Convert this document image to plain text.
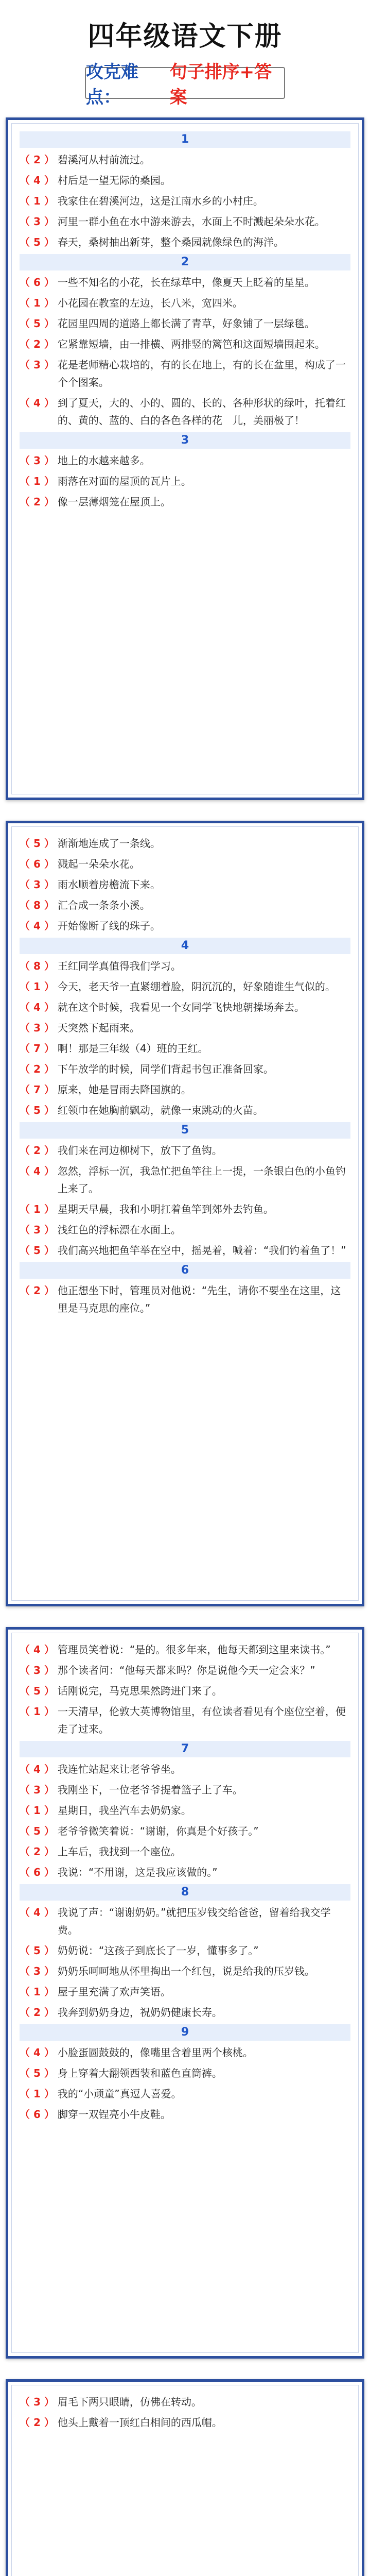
四年级语文下册
攻克难点：
句子排序+答案
1
（ 2 ） 碧溪河从村前流过。
（ 4 ） 村后是一望无际的桑园。
（ 1 ） 我家住在碧溪河边，这是江南水乡的小村庄。
（ 3 ） 河里一群小鱼在水中游来游去，水面上不时溅起朵朵水花。
（ 5 ） 春天，桑树抽出新芽，整个桑园就像绿色的海洋。
2
（ 6 ） 一些不知名的小花，长在绿草中，像夏天上眨着的星星。
（ 1 ） 小花园在教室的左边，长八米，宽四米。
（ 5 ） 花园里四周的道路上都长满了青草，好象铺了一层绿毯。
（ 2 ） 它紧靠短墙，由一排横、两排竖的篱笆和这面短墙围起来。
（ 3 ） 花是老师精心栽培的，有的长在地上，有的长在盆里，构成了一个个图案。
（ 4 ） 到了夏天，大的、小的、圆的、长的、各种形状的绿叶，托着红的、黄的、蓝的、白的各色各样的花　儿，美丽极了！
3
（ 3 ） 地上的水越来越多。
（ 1 ） 雨落在对面的屋顶的瓦片上。
（ 2 ） 像一层薄烟笼在屋顶上。
（ 5 ） 渐渐地连成了一条线。
（ 6 ） 溅起一朵朵水花。
（ 3 ） 雨水顺着房檐流下来。
（ 8 ） 汇合成一条条小溪。
（ 4 ） 开始像断了线的珠子。
4
（ 8 ） 王红同学真值得我们学习。
（ 1 ） 今天，老天爷一直紧绷着脸，阴沉沉的，好象随谁生气似的。
（ 4 ） 就在这个时候，我看见一个女同学飞快地朝操场奔去。
（ 3 ） 天突然下起雨来。
（ 7 ） 啊！那是三年级（4）班的王红。
（ 2 ） 下午放学的时候，同学们背起书包正准备回家。
（ 7 ） 原来，她是冒雨去降国旗的。
（ 5 ） 红领巾在她胸前飘动，就像一束跳动的火苗。
5
（ 2 ） 我们来在河边柳树下，放下了鱼钩。
（ 4 ） 忽然，浮标一沉，我急忙把鱼竿往上一提，一条银白色的小鱼钓上来了。
（ 1 ） 星期天早晨，我和小明扛着鱼竿到郊外去钓鱼。
（ 3 ） 浅红色的浮标漂在水面上。
（ 5 ） 我们高兴地把鱼竿举在空中，摇晃着，喊着：“我们钓着鱼了！”
6
（ 2 ） 他正想坐下时，管理员对他说：“先生，请你不要坐在这里，这里是马克思的座位。”
（ 4 ） 管理员笑着说：“是的。很多年来，他每天都到这里来读书。”
（ 3 ） 那个读者问：“他每天都来吗？你是说他今天一定会来？”
（ 5 ） 话刚说完，马克思果然跨进门来了。
（ 1 ） 一天清早，伦敦大英博物馆里，有位读者看见有个座位空着，便走了过来。
7
（ 4 ） 我连忙站起来让老爷爷坐。
（ 3 ） 我刚坐下，一位老爷爷提着篮子上了车。
（ 1 ） 星期日，我坐汽车去奶奶家。
（ 5 ） 老爷爷微笑着说：“谢谢，你真是个好孩子。”
（ 2 ） 上车后，我找到一个座位。
（ 6 ） 我说：“不用谢，这是我应该做的。”
8
（ 4 ） 我说了声：“谢谢奶奶。”就把压岁钱交给爸爸，留着给我交学费。
（ 5 ） 奶奶说：“这孩子到底长了一岁，懂事多了。”
（ 3 ） 奶奶乐呵呵地从怀里掏出一个红包，说是给我的压岁钱。
（ 1 ） 屋子里充满了欢声笑语。
（ 2 ） 我奔到奶奶身边，祝奶奶健康长寿。
9
（ 4 ） 小脸蛋圆鼓鼓的，像嘴里含着里两个核桃。
（ 5 ） 身上穿着大翻领西装和蓝色直筒裤。
（ 1 ） 我的“小顽童”真逗人喜爱。
（ 6 ） 脚穿一双锃亮小牛皮鞋。
（ 3 ） 眉毛下两只眼睛，仿佛在转动。
（ 2 ） 他头上戴着一顶红白相间的西瓜帽。
